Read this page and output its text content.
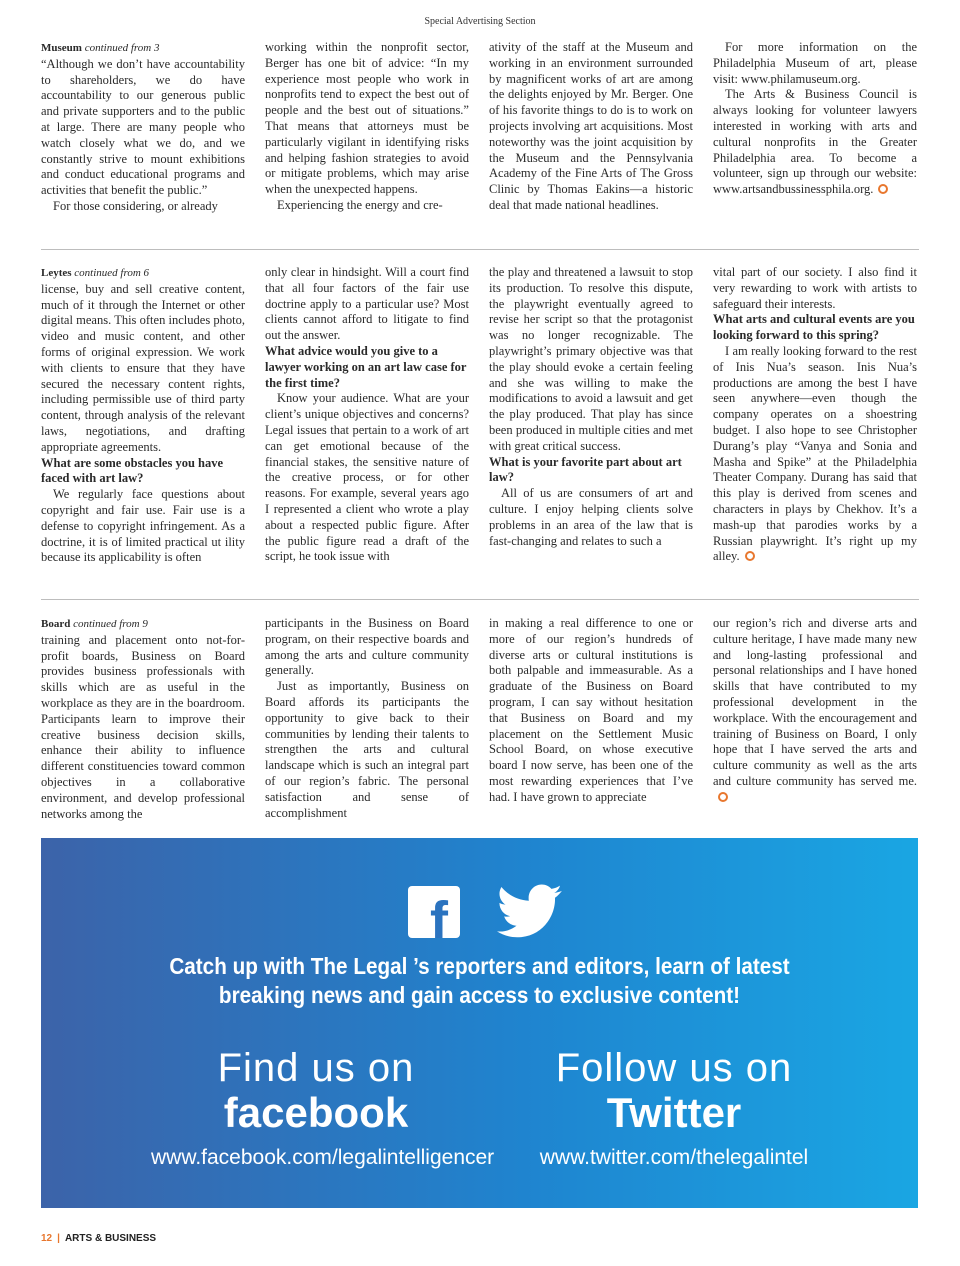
Special Advertising Section

Museum continued from 3

“Although we don’t have accountability to shareholders, we do have accountability to our generous public and private supporters and to the public at large. There are many people who watch closely what we do, and we constantly strive to mount exhibitions and conduct educational programs and activities that benefit the public.”

For those considering, or already

working within the nonprofit sector, Berger has one bit of advice: “In my experience most people who work in nonprofits tend to expect the best out of people and the best out of situations.” That means that attorneys must be particularly vigilant in identifying risks and helping fashion strategies to avoid or mitigate problems, which may arise when the unexpected happens.

Experiencing the energy and cre-

ativity of the staff at the Museum and working in an environment surrounded by magnificent works of art are among the delights enjoyed by Mr. Berger. One of his favorite things to do is to work on projects involving art acquisitions. Most noteworthy was the joint acquisition by the Museum and the Pennsylvania Academy of the Fine Arts of The Gross Clinic by Thomas Eakins—a historic deal that made national headlines.

For more information on the Philadelphia Museum of art, please visit: www.philamuseum.org.

The Arts & Business Council is always looking for volunteer lawyers interested in working with arts and cultural nonprofits in the Greater Philadelphia area. To become a volunteer, sign up through our website: www.artsandbussinessphila.org.

Leytes continued from 6

license, buy and sell creative content, much of it through the Internet or other digital means. This often includes photo, video and music content, and other forms of original expression. We work with clients to ensure that they have secured the necessary content rights, including permissible use of third party content, through analysis of the relevant laws, negotiations, and drafting appropriate agreements.

What are some obstacles you have faced with art law?

We regularly face questions about copyright and fair use. Fair use is a defense to copyright infringement. As a doctrine, it is of limited practical ut ility because its applicability is often

only clear in hindsight. Will a court find that all four factors of the fair use doctrine apply to a particular use? Most clients cannot afford to litigate to find out the answer.

What advice would you give to a lawyer working on an art law case for the first time?

Know your audience. What are your client’s unique objectives and concerns? Legal issues that pertain to a work of art can get emotional because of the financial stakes, the sensitive nature of the creative process, or for other reasons. For example, several years ago I represented a client who wrote a play about a respected public figure. After the public figure read a draft of the script, he took issue with

the play and threatened a lawsuit to stop its production. To resolve this dispute, the playwright eventually agreed to revise her script so that the protagonist was no longer recognizable. The playwright’s primary objective was that the play should evoke a certain feeling and she was willing to make the modifications to avoid a lawsuit and get the play produced. That play has since been produced in multiple cities and met with great critical success.

What is your favorite part about art law?

All of us are consumers of art and culture. I enjoy helping clients solve problems in an area of the law that is fast-changing and relates to such a

vital part of our society. I also find it very rewarding to work with artists to safeguard their interests.

What arts and cultural events are you looking forward to this spring?

I am really looking forward to the rest of Inis Nua’s season. Inis Nua’s productions are among the best I have seen anywhere—even though the company operates on a shoestring budget. I also hope to see Christopher Durang’s play “Vanya and Sonia and Masha and Spike” at the Philadelphia Theater Company. Durang has said that this play is derived from scenes and characters in plays by Chekhov. It’s a mash-up that parodies works by a Russian playwright. It’s right up my alley.

Board continued from 9

training and placement onto not-for-profit boards, Business on Board provides business professionals with skills which are as useful in the workplace as they are in the boardroom. Participants learn to improve their creative business decision skills, enhance their ability to influence different constituencies toward common objectives in a collaborative environment, and develop professional networks among the

participants in the Business on Board program, on their respective boards and among the arts and culture community generally.

Just as importantly, Business on Board affords its participants the opportunity to give back to their communities by lending their talents to strengthen the arts and cultural landscape which is such an integral part of our region’s fabric. The personal satisfaction and sense of accomplishment

in making a real difference to one or more of our region’s hundreds of diverse arts or cultural institutions is both palpable and immeasurable. As a graduate of the Business on Board program, I can say without hesitation that Business on Board and my placement on the Settlement Music School Board, on whose executive board I now serve, has been one of the most rewarding experiences that I’ve had. I have grown to appreciate

our region’s rich and diverse arts and culture heritage, I have made many new and long-lasting professional and personal relationships and I have honed skills that have contributed to my professional development in the workplace. With the encouragement and training of Business on Board, I only hope that I have served the arts and culture community as well as the arts and culture community has served me.

f
Catch up with The Legal ’s reporters and editors, learn of latest
breaking news and gain access to exclusive content!
Find us on
facebook
www.facebook.com/legalintelligencer
Follow us on
Twitter
www.twitter.com/thelegalintel
12 | ARTS & BUSINESS
